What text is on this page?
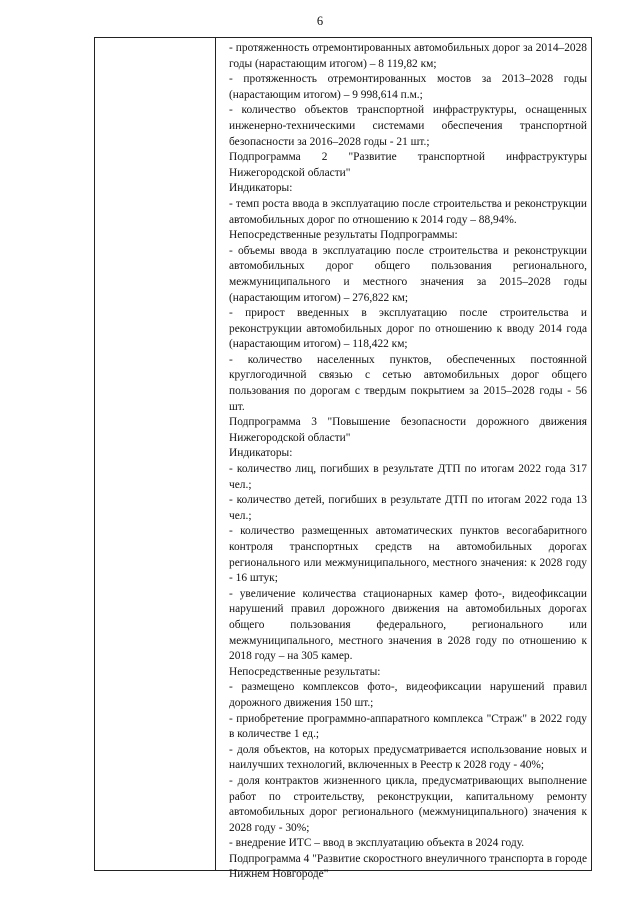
6

- протяженность отремонтированных автомобильных дорог за 2014–2028 годы (нарастающим итогом) – 8 119,82 км;

- протяженность отремонтированных мостов за 2013–2028 годы (нарастающим итогом) – 9 998,614 п.м.;

- количество объектов транспортной инфраструктуры, оснащенных инженерно-техническими системами обеспечения транспортной безопасности за 2016–2028 годы - 21 шт.;

Подпрограмма 2 "Развитие транспортной инфраструктуры Нижегородской области"

Индикаторы:

- темп роста ввода в эксплуатацию после строительства и реконструкции автомобильных дорог по отношению к 2014 году – 88,94%.

Непосредственные результаты Подпрограммы:

- объемы ввода в эксплуатацию после строительства и реконструкции автомобильных дорог общего пользования регионального, межмуниципального и местного значения за 2015–2028 годы (нарастающим итогом) – 276,822 км;

- прирост введенных в эксплуатацию после строительства и реконструкции автомобильных дорог по отношению к вводу 2014 года (нарастающим итогом) – 118,422 км;

- количество населенных пунктов, обеспеченных постоянной круглогодичной связью с сетью автомобильных дорог общего пользования по дорогам с твердым покрытием за 2015–2028 годы - 56 шт.

Подпрограмма 3 "Повышение безопасности дорожного движения Нижегородской области"

Индикаторы:

- количество лиц, погибших в результате ДТП по итогам 2022 года 317 чел.;

- количество детей, погибших в результате ДТП по итогам 2022 года 13 чел.;

- количество размещенных автоматических пунктов весогабаритного контроля транспортных средств на автомобильных дорогах регионального или межмуниципального, местного значения: к 2028 году - 16 штук;

- увеличение количества стационарных камер фото-, видеофиксации нарушений правил дорожного движения на автомобильных дорогах общего пользования федерального, регионального или межмуниципального, местного значения в 2028 году по отношению к 2018 году – на 305 камер.

Непосредственные результаты:

- размещено комплексов фото-, видеофиксации нарушений правил дорожного движения 150 шт.;

- приобретение программно-аппаратного комплекса "Страж" в 2022 году в количестве 1 ед.;

- доля объектов, на которых предусматривается использование новых и наилучших технологий, включенных в Реестр к 2028 году - 40%;

- доля контрактов жизненного цикла, предусматривающих выполнение работ по строительству, реконструкции, капитальному ремонту автомобильных дорог регионального (межмуниципального) значения к 2028 году - 30%;

- внедрение ИТС – ввод в эксплуатацию объекта в 2024 году.

Подпрограмма 4 "Развитие скоростного внеуличного транспорта в городе Нижнем Новгороде"
